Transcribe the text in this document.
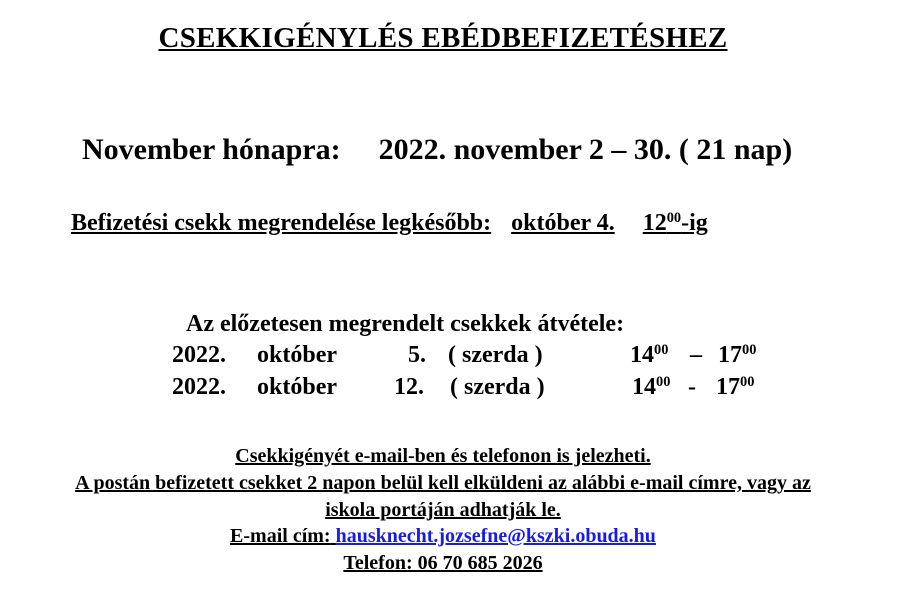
CSEKKIGÉNYLÉS EBÉDBEFIZETÉSHEZ
November hónapra: 2022. november 2 – 30. ( 21 nap)
Befizetési csekk megrendelése legkésőbb: október 4. $12^{00}-ig$
Az előzetesen megrendelt csekkek átvétele:
2022. október	5. ( szerda )	$14^{00} - 17^{00}$
2022. október 12. ( szerda )	$14^{00} - 17^{00}$
Csekkigényét e-mail-ben és telefonon is jelezheti.
A postán befizetett csekket 2 napon belül kell elküldeni az alábbi e-mail címre, vagy az
iskola portáján adhatják le.
E-mail cím: hausknecht.jozsefne@kszki.obuda.hu
Telefon: 06 70 685 2026
